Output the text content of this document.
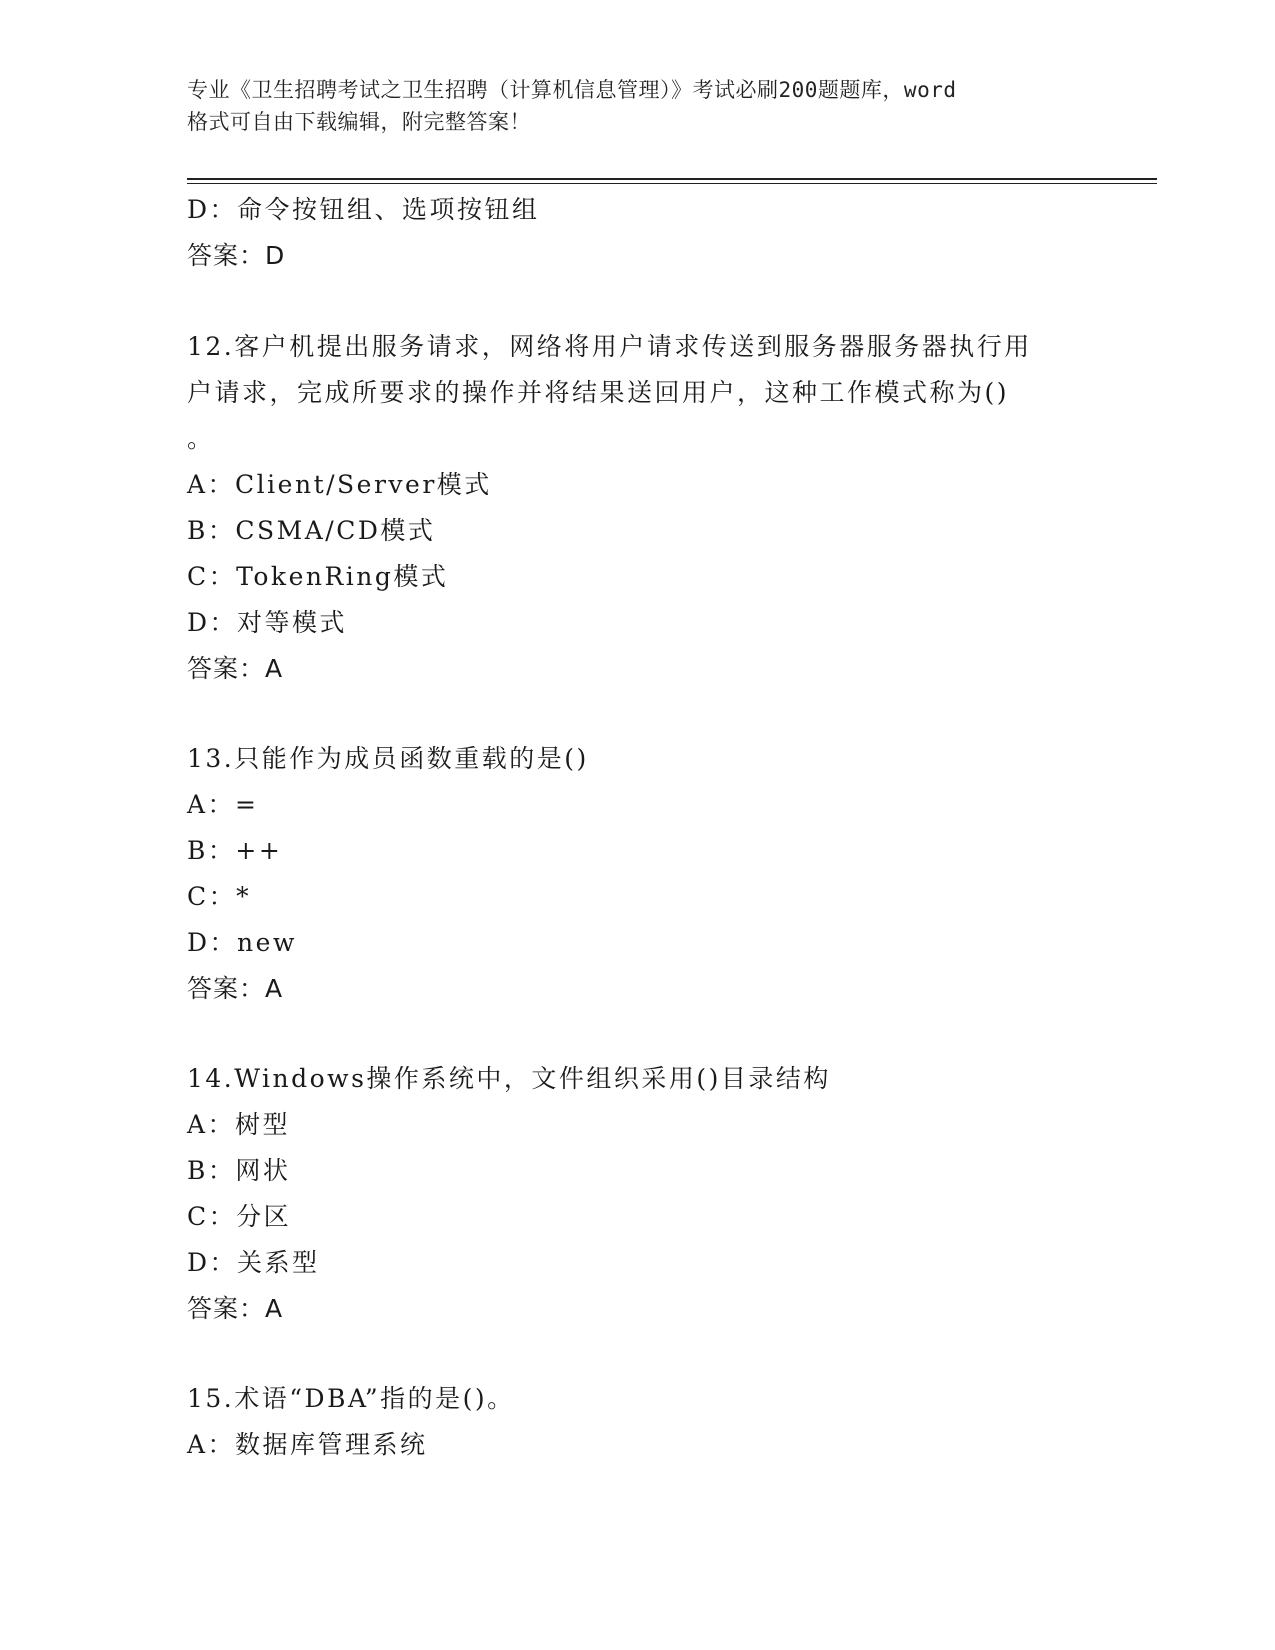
专业《卫生招聘考试之卫生招聘（计算机信息管理）》考试必刷200题题库，word
格式可自由下载编辑，附完整答案！
D：命令按钮组、选项按钮组
答案：D
12.客户机提出服务请求，网络将用户请求传送到服务器服务器执行用
户请求，完成所要求的操作并将结果送回用户，这种工作模式称为()
。
A：Client/Server模式
B：CSMA/CD模式
C：TokenRing模式
D：对等模式
答案：A
13.只能作为成员函数重载的是()
A：=
B：++
C：*
D：new
答案：A
14.Windows操作系统中，文件组织采用()目录结构
A：树型
B：网状
C：分区
D：关系型
答案：A
15.术语“DBA”指的是()。
A：数据库管理系统
